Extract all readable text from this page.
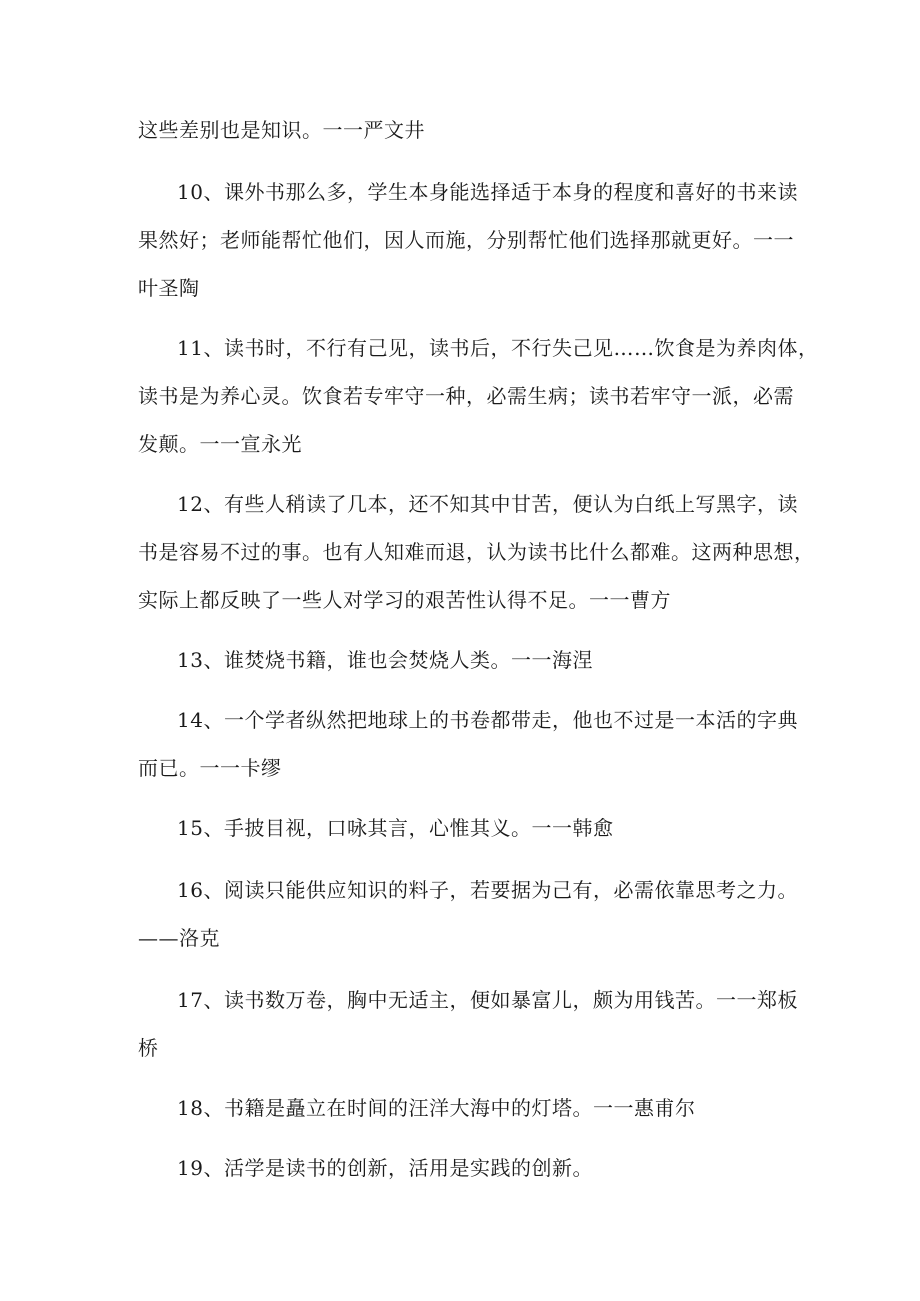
这些差别也是知识。一一严文井
10、课外书那么多，学生本身能选择适于本身的程度和喜好的书来读
果然好；老师能帮忙他们，因人而施，分别帮忙他们选择那就更好。一一
叶圣陶
11、读书时，不行有己见，读书后，不行失己见……饮食是为养肉体，
读书是为养心灵。饮食若专牢守一种，必需生病；读书若牢守一派，必需
发颠。一一宣永光
12、有些人稍读了几本，还不知其中甘苦，便认为白纸上写黑字，读
书是容易不过的事。也有人知难而退，认为读书比什么都难。这两种思想，
实际上都反映了一些人对学习的艰苦性认得不足。一一曹方
13、谁焚烧书籍，谁也会焚烧人类。一一海涅
14、一个学者纵然把地球上的书卷都带走，他也不过是一本活的字典
而已。一一卡缪
15、手披目视，口咏其言，心惟其义。一一韩愈
16、阅读只能供应知识的料子，若要据为己有，必需依靠思考之力。
——洛克
17、读书数万卷，胸中无适主，便如暴富儿，颇为用钱苦。一一郑板
桥
18、书籍是矗立在时间的汪洋大海中的灯塔。一一惠甫尔
19、活学是读书的创新，活用是实践的创新。
